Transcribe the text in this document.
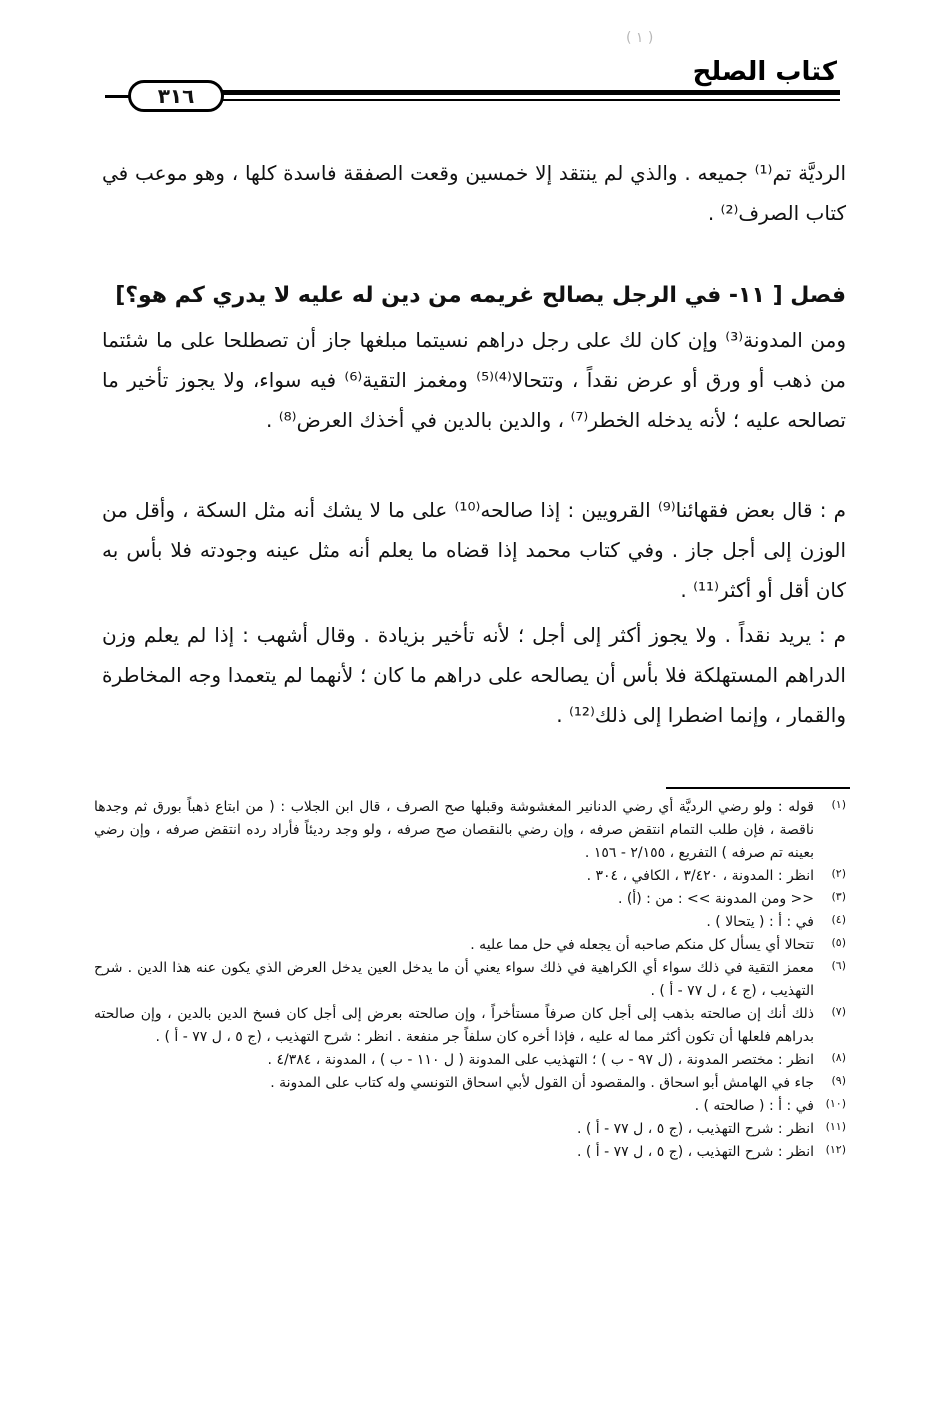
( ١ )
كتاب الصلح
٣١٦
الرديَّة تم⁽¹⁾ جميعه . والذي لم ينتقد إلا خمسين وقعت الصفقة فاسدة كلها ، وهو موعب في كتاب الصرف⁽²⁾ .
فصل [ ١١- في الرجل يصالح غريمه من دين له عليه لا يدري كم هو؟]
ومن المدونة⁽³⁾ وإن كان لك على رجل دراهم نسيتما مبلغها جاز أن تصطلحا على ما شئتما من ذهب أو ورق أو عرض نقداً ، وتتحالا⁽⁴⁾⁽⁵⁾ ومغمز التقية⁽⁶⁾ فيه سواء، ولا يجوز تأخير ما تصالحه عليه ؛ لأنه يدخله الخطر⁽⁷⁾ ، والدين بالدين في أخذك العرض⁽⁸⁾ .
م : قال بعض فقهائنا⁽⁹⁾ القرويين : إذا صالحه⁽¹⁰⁾ على ما لا يشك أنه مثل السكة ، وأقل من الوزن إلى أجل جاز . وفي كتاب محمد إذا قضاه ما يعلم أنه مثل عينه وجودته فلا بأس به كان أقل أو أكثر⁽¹¹⁾ .
م : يريد نقداً . ولا يجوز أكثر إلى أجل ؛ لأنه تأخير بزيادة . وقال أشهب : إذا لم يعلم وزن الدراهم المستهلكة فلا بأس أن يصالحه على دراهم ما كان ؛ لأنهما لم يتعمدا وجه المخاطرة والقمار ، وإنما اضطرا إلى ذلك⁽¹²⁾ .
(١)
قوله : ولو رضي الرديَّة أي رضي الدنانير المغشوشة وقبلها صح الصرف ، قال ابن الجلاب : ( من ابتاع ذهباً بورق ثم وجدها ناقصة ، فإن طلب التمام انتقض صرفه ، وإن رضي بالنقصان صح صرفه ، ولو وجد رديئاً فأراد رده انتقض صرفه ، وإن رضي بعينه تم صرفه ) التفريع ، ٢/١٥٥ - ١٥٦ .
(٢)
انظر : المدونة ، ٣/٤٢٠ ، الكافي ، ٣٠٤ .
(٣)
<< ومن المدونة >> : من : (أ) .
(٤)
في : أ : ( يتحالا ) .
(٥)
تتحالا أي يسأل كل منكم صاحبه أن يجعله في حل مما عليه .
(٦)
معمز التقية في ذلك سواء أي الكراهية في ذلك سواء يعني أن ما يدخل العين يدخل العرض الذي يكون عنه هذا الدين . شرح التهذيب ، (ج ٤ ، ل ٧٧ - أ ) .
(٧)
ذلك أنك إن صالحته بذهب إلى أجل كان صرفاً مستأخراً ، وإن صالحته بعرض إلى أجل كان فسخ الدين بالدين ، وإن صالحته بدراهم فلعلها أن تكون أكثر مما له عليه ، فإذا أخره كان سلفاً جر منفعة . انظر : شرح التهذيب ، (ج ٥ ، ل ٧٧ - أ ) .
(٨)
انظر : مختصر المدونة ، (ل ٩٧ - ب ) ؛ التهذيب على المدونة ( ل ١١٠ - ب ) ، المدونة ، ٤/٣٨٤ .
(٩)
جاء في الهامش أبو اسحاق . والمقصود أن القول لأبي اسحاق التونسي وله كتاب على المدونة .
(١٠)
في : أ : ( صالحته ) .
(١١)
انظر : شرح التهذيب ، (ج ٥ ، ل ٧٧ - أ ) .
(١٢)
انظر : شرح التهذيب ، (ج ٥ ، ل ٧٧ - أ ) .
